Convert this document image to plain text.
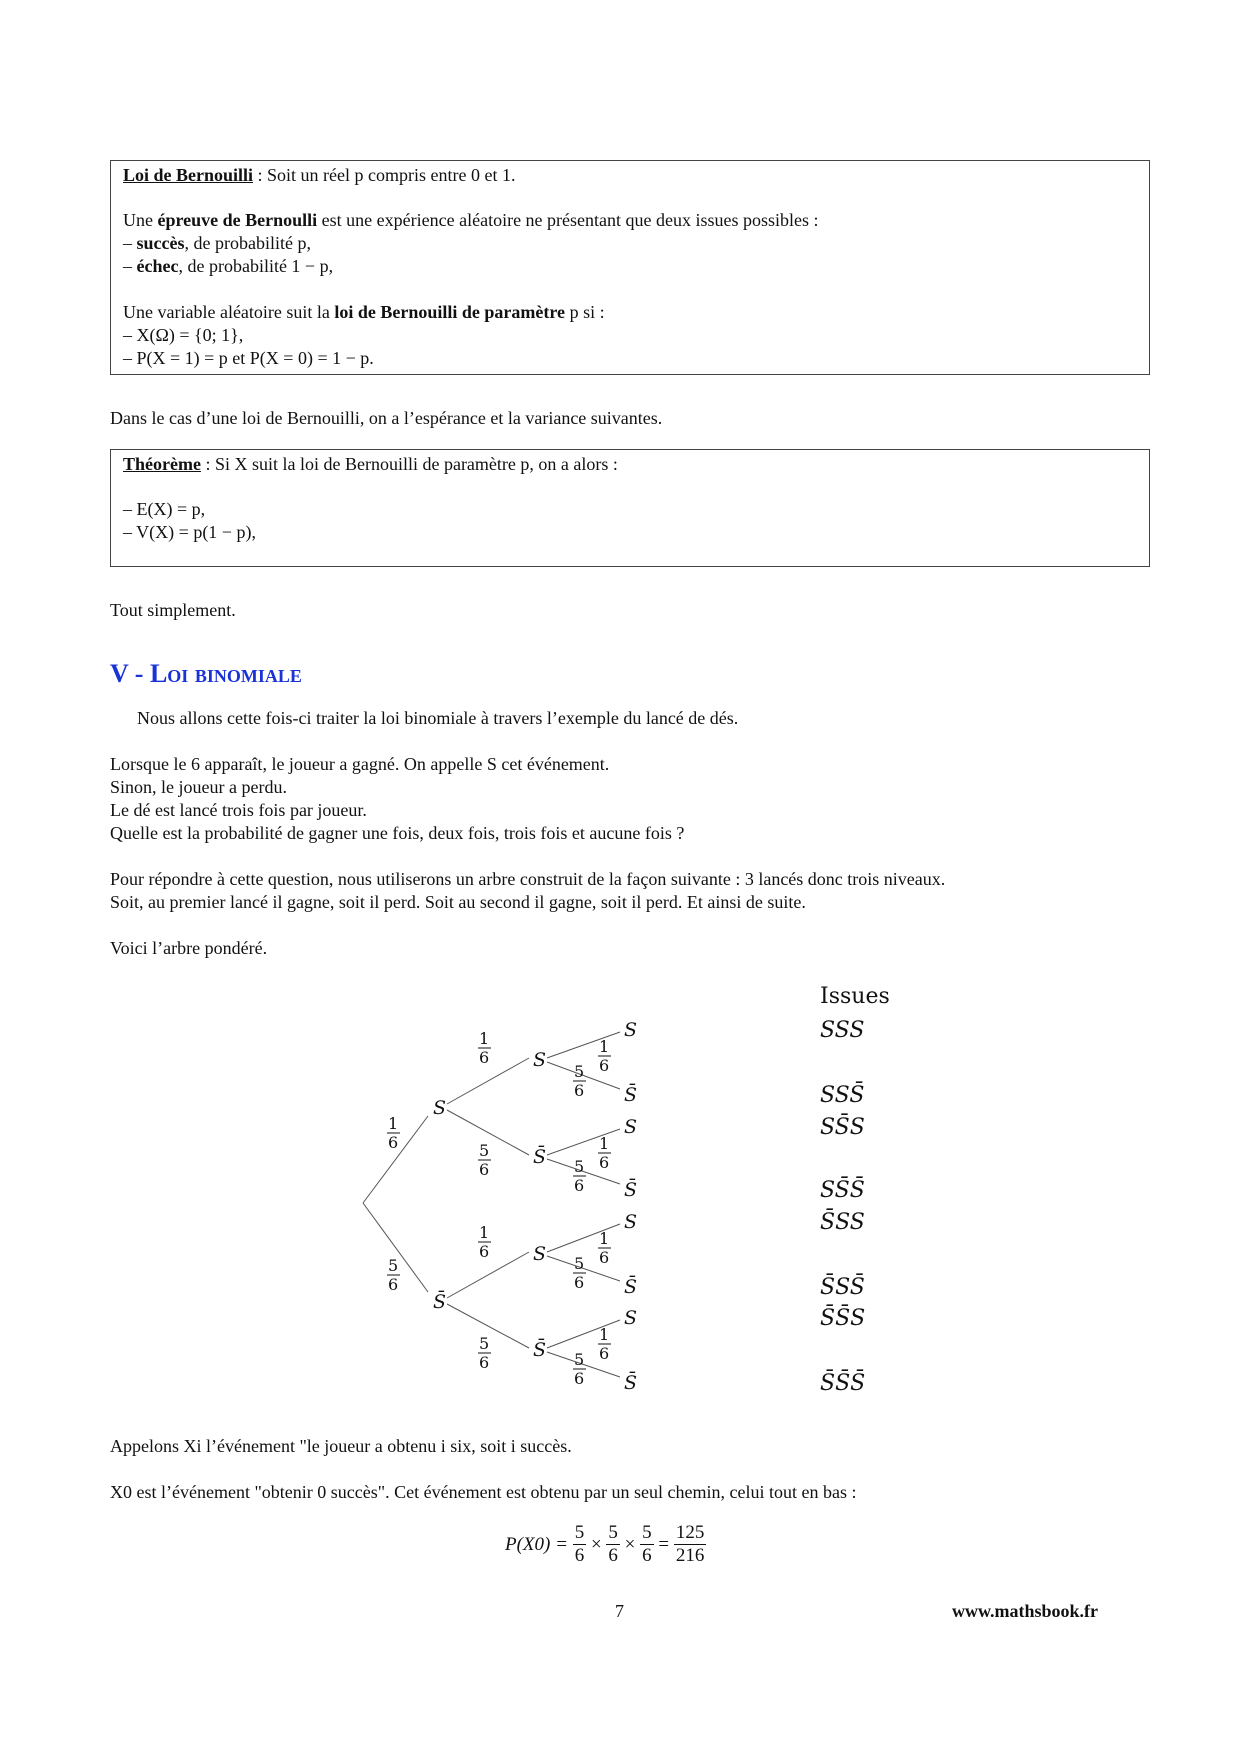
Loi de Bernouilli : Soit un réel p compris entre 0 et 1.
Une épreuve de Bernoulli est une expérience aléatoire ne présentant que deux issues possibles :
– succès, de probabilité p,
– échec, de probabilité 1 − p,
Une variable aléatoire suit la loi de Bernouilli de paramètre p si :
– X(Ω) = {0; 1},
– P(X = 1) = p et P(X = 0) = 1 − p.
Dans le cas d’une loi de Bernouilli, on a l’espérance et la variance suivantes.
Théorème : Si X suit la loi de Bernouilli de paramètre p, on a alors :
– E(X) = p,
– V(X) = p(1 − p),
Tout simplement.
V - Loi binomiale
Nous allons cette fois-ci traiter la loi binomiale à travers l’exemple du lancé de dés.
Lorsque le 6 apparaît, le joueur a gagné. On appelle S cet événement.
Sinon, le joueur a perdu.
Le dé est lancé trois fois par joueur.
Quelle est la probabilité de gagner une fois, deux fois, trois fois et aucune fois ?
Pour répondre à cette question, nous utiliserons un arbre construit de la façon suivante : 3 lancés donc trois niveaux.
Soit, au premier lancé il gagne, soit il perd. Soit au second il gagne, soit il perd. Et ainsi de suite.
Voici l’arbre pondéré.
S
S̄
1
6
5
6
S
S̄
1
6
5
6
S
S̄
1
6
5
6
S
S̄
1
6
5
6
S
S̄
1
6
5
6
S
S̄
1
6
5
6
S
S̄
1
6
5
6
Issues
SSS
SSS̄
SS̄S
SS̄S̄
S̄SS
S̄SS̄
S̄S̄S
S̄S̄S̄
Appelons Xi l’événement "le joueur a obtenu i six, soit i succès.
X0 est l’événement "obtenir 0 succès". Cet événement est obtenu par un seul chemin, celui tout en bas :
$P(X0) = \frac{5}{6} \times \frac{5}{6} \times \frac{5}{6} = \frac{125}{216}$
7	www.mathsbook.fr
